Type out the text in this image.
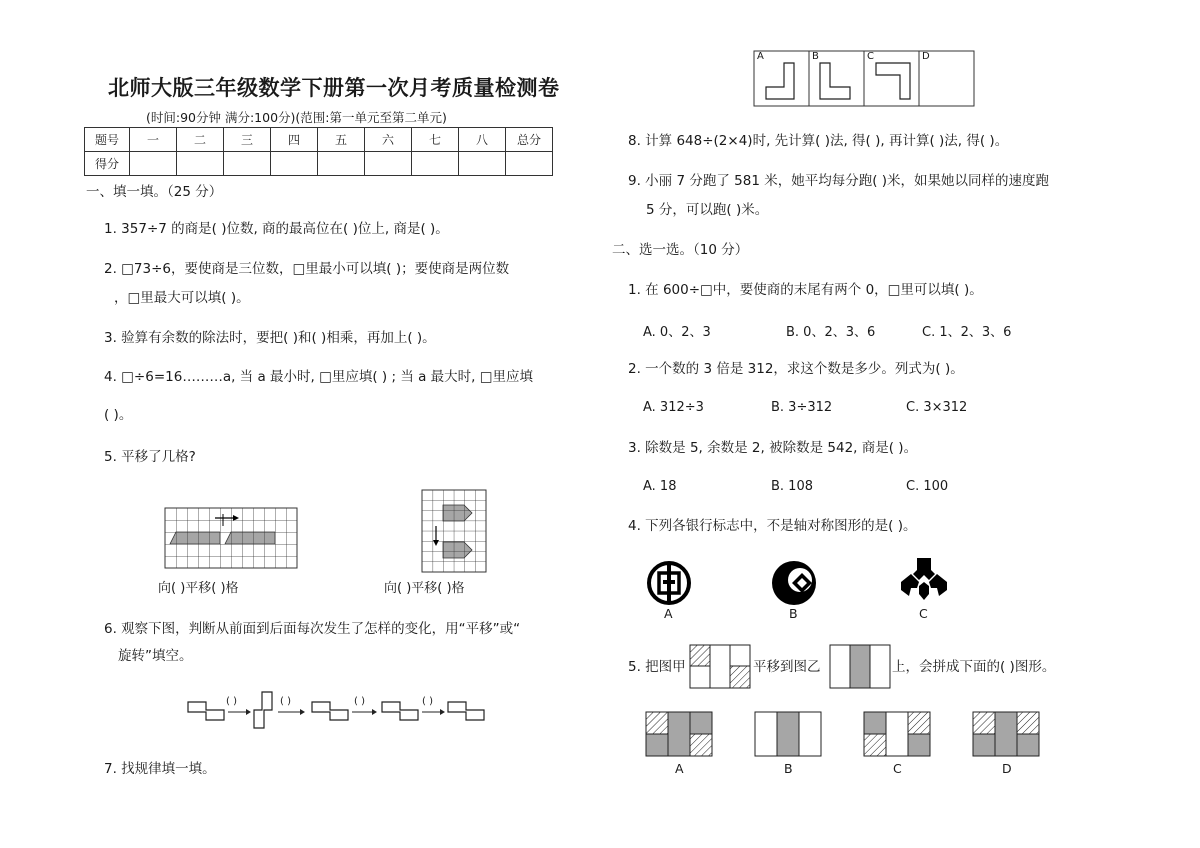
北师大版三年级数学下册第一次月考质量检测卷
(时间:90分钟 满分:100分)(范围:第一单元至第二单元)
题号	一	二	三	四	五	六	七	八	总分
得分									
一、填一填。（25 分）
1. 357÷7 的商是( )位数, 商的最高位在( )位上, 商是( )。
2. □73÷6，要使商是三位数，□里最小可以填( )；要使商是两位数
，□里最大可以填( )。
3. 验算有余数的除法时，要把( )和( )相乘，再加上( )。
4. □÷6=16………a, 当 a 最小时, □里应填( ) ; 当 a 最大时, □里应填
( )。
5. 平移了几格?
向( )平移( )格	向( )平移( )格
6. 观察下图，判断从前面到后面每次发生了怎样的变化，用“平移”或“
旋转”填空。
( )	( )	( )	( )
7. 找规律填一填。
A	B	C	D
8. 计算 648÷(2×4)时, 先计算( )法, 得( ), 再计算( )法, 得( )。
9. 小丽 7 分跑了 581 米，她平均每分跑( )米，如果她以同样的速度跑
5 分，可以跑( )米。
二、选一选。（10 分）
1. 在 600÷□中，要使商的末尾有两个 0，□里可以填( )。
A. 0、2、3	B. 0、2、3、6	C. 1、2、3、6
2. 一个数的 3 倍是 312，求这个数是多少。列式为( )。
A. 312÷3	B. 3÷312	C. 3×312
3. 除数是 5, 余数是 2, 被除数是 542, 商是( )。
A. 18	B. 108	C. 100
4. 下列各银行标志中，不是轴对称图形的是( )。
A	B	C
5. 把图甲	平移到图乙	上，会拼成下面的( )图形。
A	B	C	D
